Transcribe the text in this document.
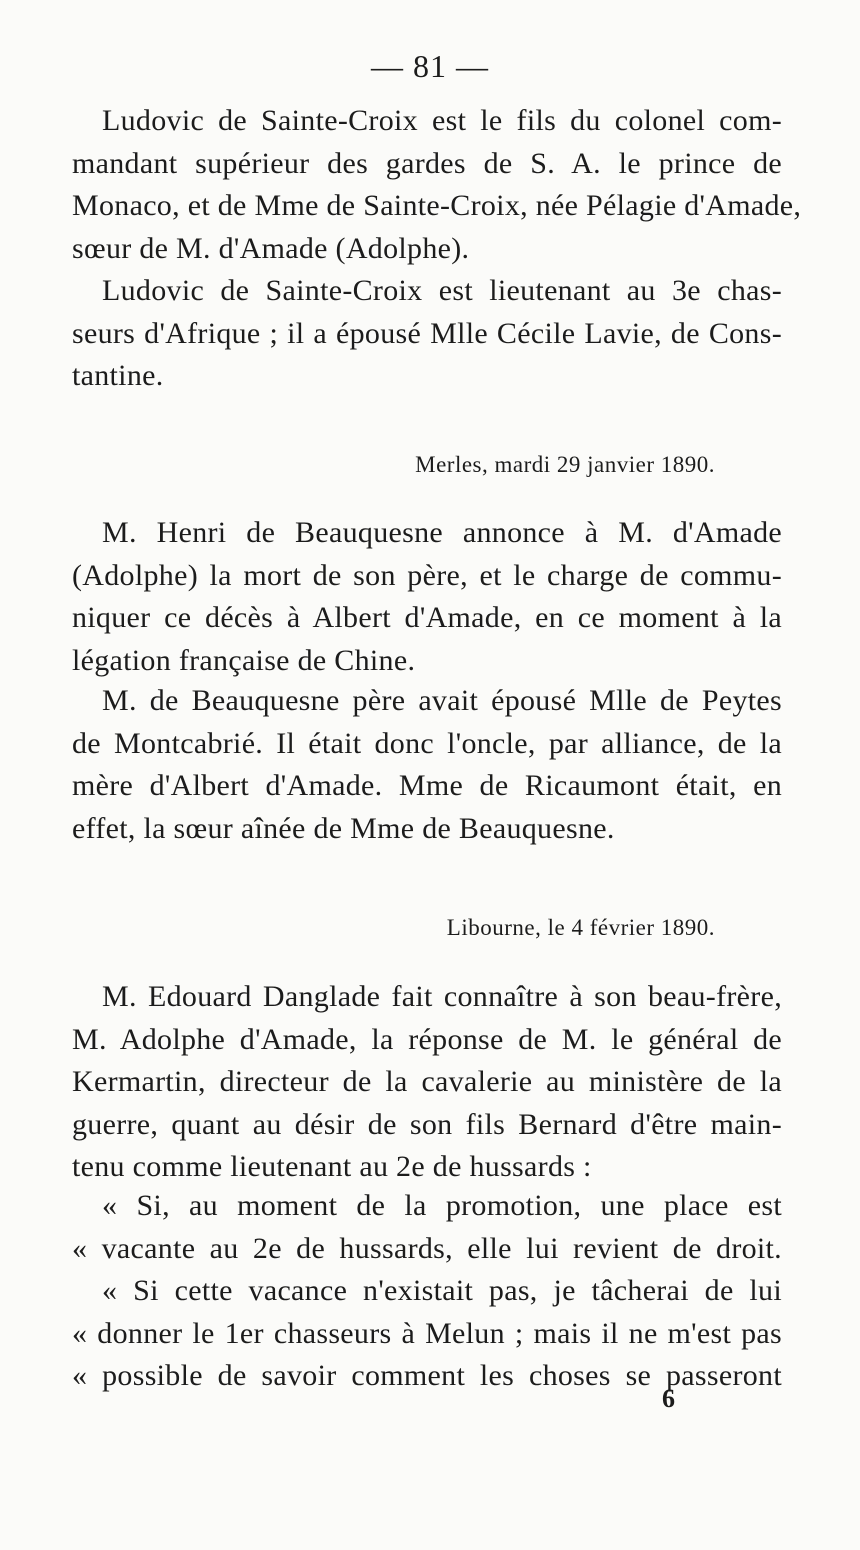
— 81 —
Ludovic de Sainte-Croix est le fils du colonel com-
mandant supérieur des gardes de S. A. le prince de
Monaco, et de Mme de Sainte-Croix, née Pélagie d'Amade,
sœur de M. d'Amade (Adolphe).
Ludovic de Sainte-Croix est lieutenant au 3e chas-
seurs d'Afrique ; il a épousé Mlle Cécile Lavie, de Cons-
tantine.
Merles, mardi 29 janvier 1890.
M. Henri de Beauquesne annonce à M. d'Amade
(Adolphe) la mort de son père, et le charge de commu-
niquer ce décès à Albert d'Amade, en ce moment à la
légation française de Chine.
M. de Beauquesne père avait épousé Mlle de Peytes
de Montcabrié. Il était donc l'oncle, par alliance, de la
mère d'Albert d'Amade. Mme de Ricaumont était, en
effet, la sœur aînée de Mme de Beauquesne.
Libourne, le 4 février 1890.
M. Edouard Danglade fait connaître à son beau-frère,
M. Adolphe d'Amade, la réponse de M. le général de
Kermartin, directeur de la cavalerie au ministère de la
guerre, quant au désir de son fils Bernard d'être main-
tenu comme lieutenant au 2e de hussards :
« Si, au moment de la promotion, une place est
« vacante au 2e de hussards, elle lui revient de droit.
« Si cette vacance n'existait pas, je tâcherai de lui
« donner le 1er chasseurs à Melun ; mais il ne m'est pas
« possible de savoir comment les choses se passeront
6
